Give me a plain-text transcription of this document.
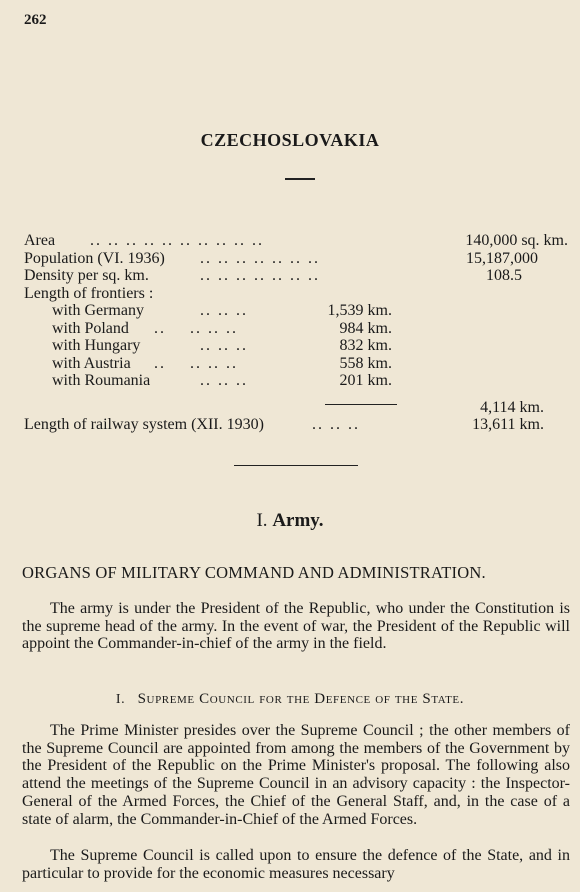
262
CZECHOSLOVAKIA
Area .. .. .. .. .. .. .. .. .. ..	140,000 sq. km.
Population (VI. 1936) .. .. .. .. .. .. ..	15,187,000
Density per sq. km.	.. .. .. .. .. .. ..	108.5
Length of frontiers :
with Germany	.. .. ..	1,539 km.
with Poland ..    .. .. ..	984 km.
with Hungary	.. .. ..	832 km.
with Austria ..    .. .. ..	558 km.
with Roumania	.. .. ..	201 km.
4,114 km.
Length of railway system (XII. 1930)	.. .. ..	13,611 km.
I. Army.
ORGANS OF MILITARY COMMAND AND ADMINISTRATION.
The army is under the President of the Republic, who under the Constitution is the supreme head of the army. In the event of war, the President of the Republic will appoint the Commander-in-chief of the army in the field.
I. Supreme Council for the Defence of the State.
The Prime Minister presides over the Supreme Council ; the other members of the Supreme Council are appointed from among the members of the Government by the President of the Republic on the Prime Minister's proposal. The following also attend the meetings of the Supreme Council in an advisory capacity : the Inspector-General of the Armed Forces, the Chief of the General Staff, and, in the case of a state of alarm, the Commander-in-Chief of the Armed Forces.
The Supreme Council is called upon to ensure the defence of the State, and in particular to provide for the economic measures necessary
